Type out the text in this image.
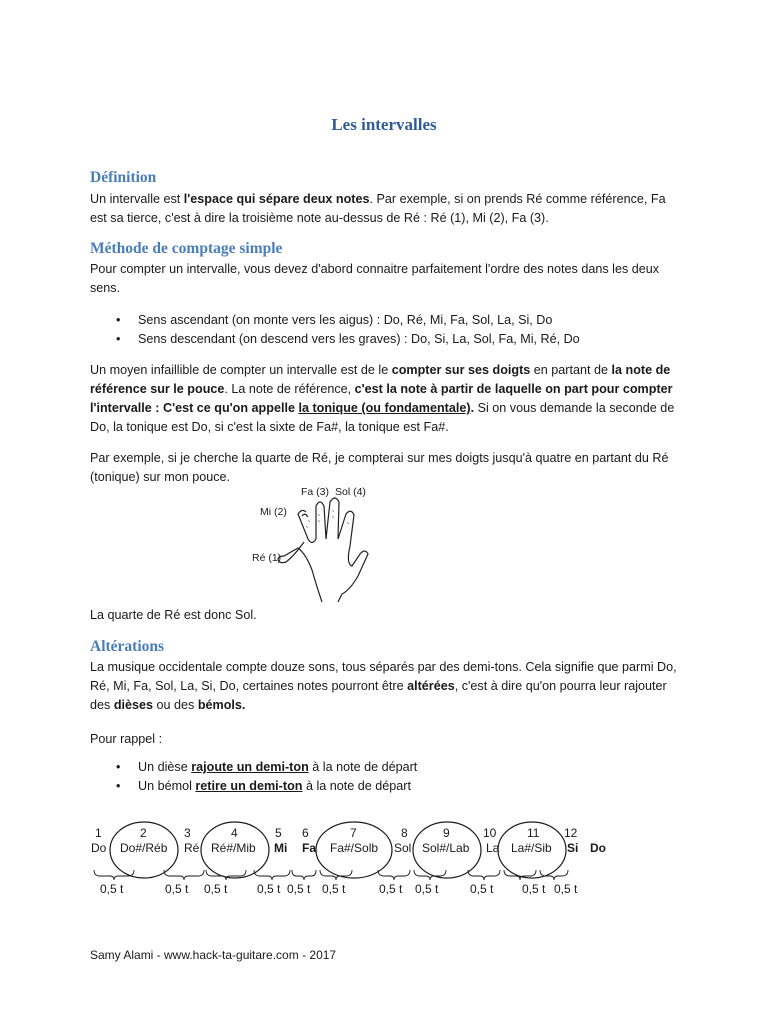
Les intervalles
Définition

Un intervalle est l'espace qui sépare deux notes. Par exemple, si on prends Ré comme référence, Fa est sa tierce, c'est à dire la troisième note au-dessus de Ré : Ré (1), Mi (2), Fa (3).

Méthode de comptage simple

Pour compter un intervalle, vous devez d'abord connaitre parfaitement l'ordre des notes dans les deux sens.

• Sens ascendant (on monte vers les aigus) : Do, Ré, Mi, Fa, Sol, La, Si, Do
• Sens descendant (on descend vers les graves) : Do, Si, La, Sol, Fa, Mi, Ré, Do

Un moyen infaillible de compter un intervalle est de le compter sur ses doigts en partant de la note de référence sur le pouce. La note de référence, c'est la note à partir de laquelle on part pour compter l'intervalle : C'est ce qu'on appelle la tonique (ou fondamentale). Si on vous demande la seconde de Do, la tonique est Do, si c'est la sixte de Fa#, la tonique est Fa#.

Par exemple, si je cherche la quarte de Ré, je compterai sur mes doigts jusqu'à quatre en partant du Ré (tonique) sur mon pouce.

Fa (3) Sol (4)
Mi (2)
Ré (1)

La quarte de Ré est donc Sol.

Altérations

La musique occidentale compte douze sons, tous séparés par des demi-tons. Cela signifie que parmi Do, Ré, Mi, Fa, Sol, La, Si, Do, certaines notes pourront être altérées, c'est à dire qu'on pourra leur rajouter des dièses ou des bémols.

Pour rappel :

• Un dièse rajoute un demi-ton à la note de départ
• Un bémol retire un demi-ton à la note de départ
1	2	3	4	5 6	7	8	9	10	11 12
Do Do#/Réb Ré Ré#/Mib Mi Fa Fa#/Solb Sol Sol#/Lab La La#/Sib Si Do
0,5 t	0,5 t 0,5 t 0,5 t 0,5 t 0,5 t	0,5 t 0,5 t	0,5 t 0,5 t 0,5 t
Samy Alami - www.hack-ta-guitare.com - 2017
